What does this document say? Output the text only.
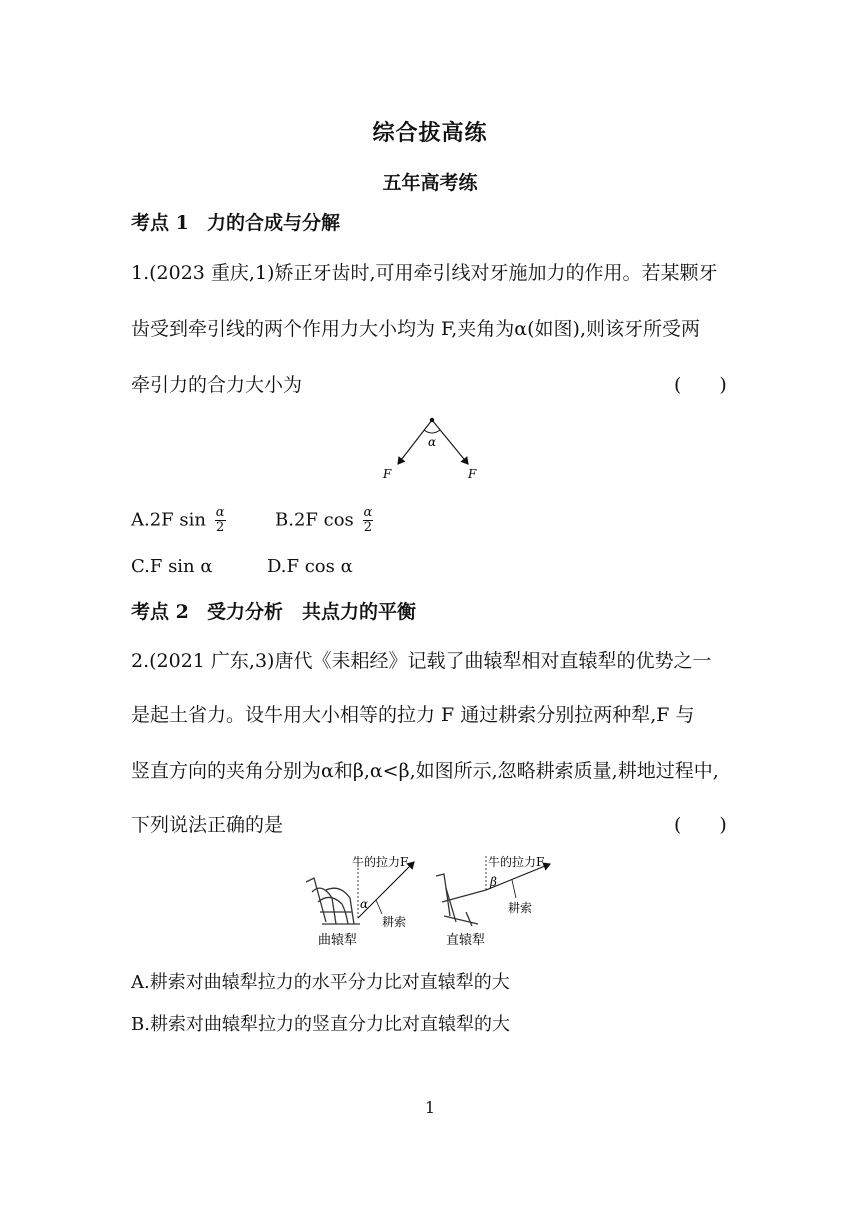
综合拔高练
五年高考练
考点 1 力的合成与分解
1.(2023 重庆,1)矫正牙齿时,可用牵引线对牙施加力的作用。若某颗牙
齿受到牵引线的两个作用力大小均为 F,夹角为α(如图),则该牙所受两
牵引力的合力大小为	(　　)
α
F	F
A.2F $\sin \frac{\alpha}{2}$	B.2F $\cos \frac{\alpha}{2}$
C.F sin α	D.F cos α
考点 2 受力分析　共点力的平衡
2.(2021 广东,3)唐代《耒耜经》记载了曲辕犁相对直辕犁的优势之一
是起土省力。设牛用大小相等的拉力 F 通过耕索分别拉两种犁,F 与
竖直方向的夹角分别为α和β,α<β,如图所示,忽略耕索质量,耕地过程中,
下列说法正确的是	(　　)
牛的拉力F
α
耕索
曲辕犁
牛的拉力F
β
耕索
直辕犁
A.耕索对曲辕犁拉力的水平分力比对直辕犁的大
B.耕索对曲辕犁拉力的竖直分力比对直辕犁的大
1
